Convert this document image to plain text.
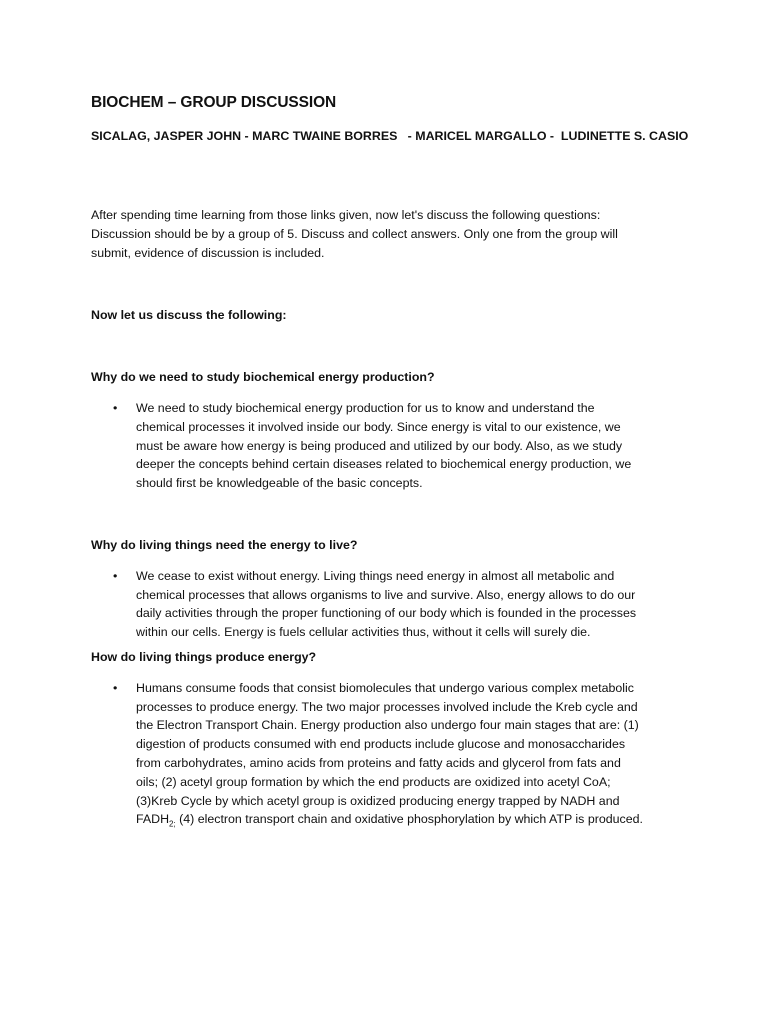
BIOCHEM – GROUP DISCUSSION
SICALAG, JASPER JOHN - MARC TWAINE BORRES   - MARICEL MARGALLO -  LUDINETTE S. CASIO

After spending time learning from those links given, now let's discuss the following questions: Discussion should be by a group of 5. Discuss and collect answers. Only one from the group will submit, evidence of discussion is included.

Now let us discuss the following:

Why do we need to study biochemical energy production?

• We need to study biochemical energy production for us to know and understand the chemical processes it involved inside our body. Since energy is vital to our existence, we must be aware how energy is being produced and utilized by our body. Also, as we study deeper the concepts behind certain diseases related to biochemical energy production, we should first be knowledgeable of the basic concepts.

Why do living things need the energy to live?

• We cease to exist without energy. Living things need energy in almost all metabolic and chemical processes that allows organisms to live and survive. Also, energy allows to do our daily activities through the proper functioning of our body which is founded in the processes within our cells. Energy is fuels cellular activities thus, without it cells will surely die.

How do living things produce energy?

• Humans consume foods that consist biomolecules that undergo various complex metabolic processes to produce energy. The two major processes involved include the Kreb cycle and the Electron Transport Chain. Energy production also undergo four main stages that are: (1) digestion of products consumed with end products include glucose and monosaccharides from carbohydrates, amino acids from proteins and fatty acids and glycerol from fats and oils; (2) acetyl group formation by which the end products are oxidized into acetyl CoA; (3)Kreb Cycle by which acetyl group is oxidized producing energy trapped by NADH and $FADH_{2;}$ (4) electron transport chain and oxidative phosphorylation by which ATP is produced.
